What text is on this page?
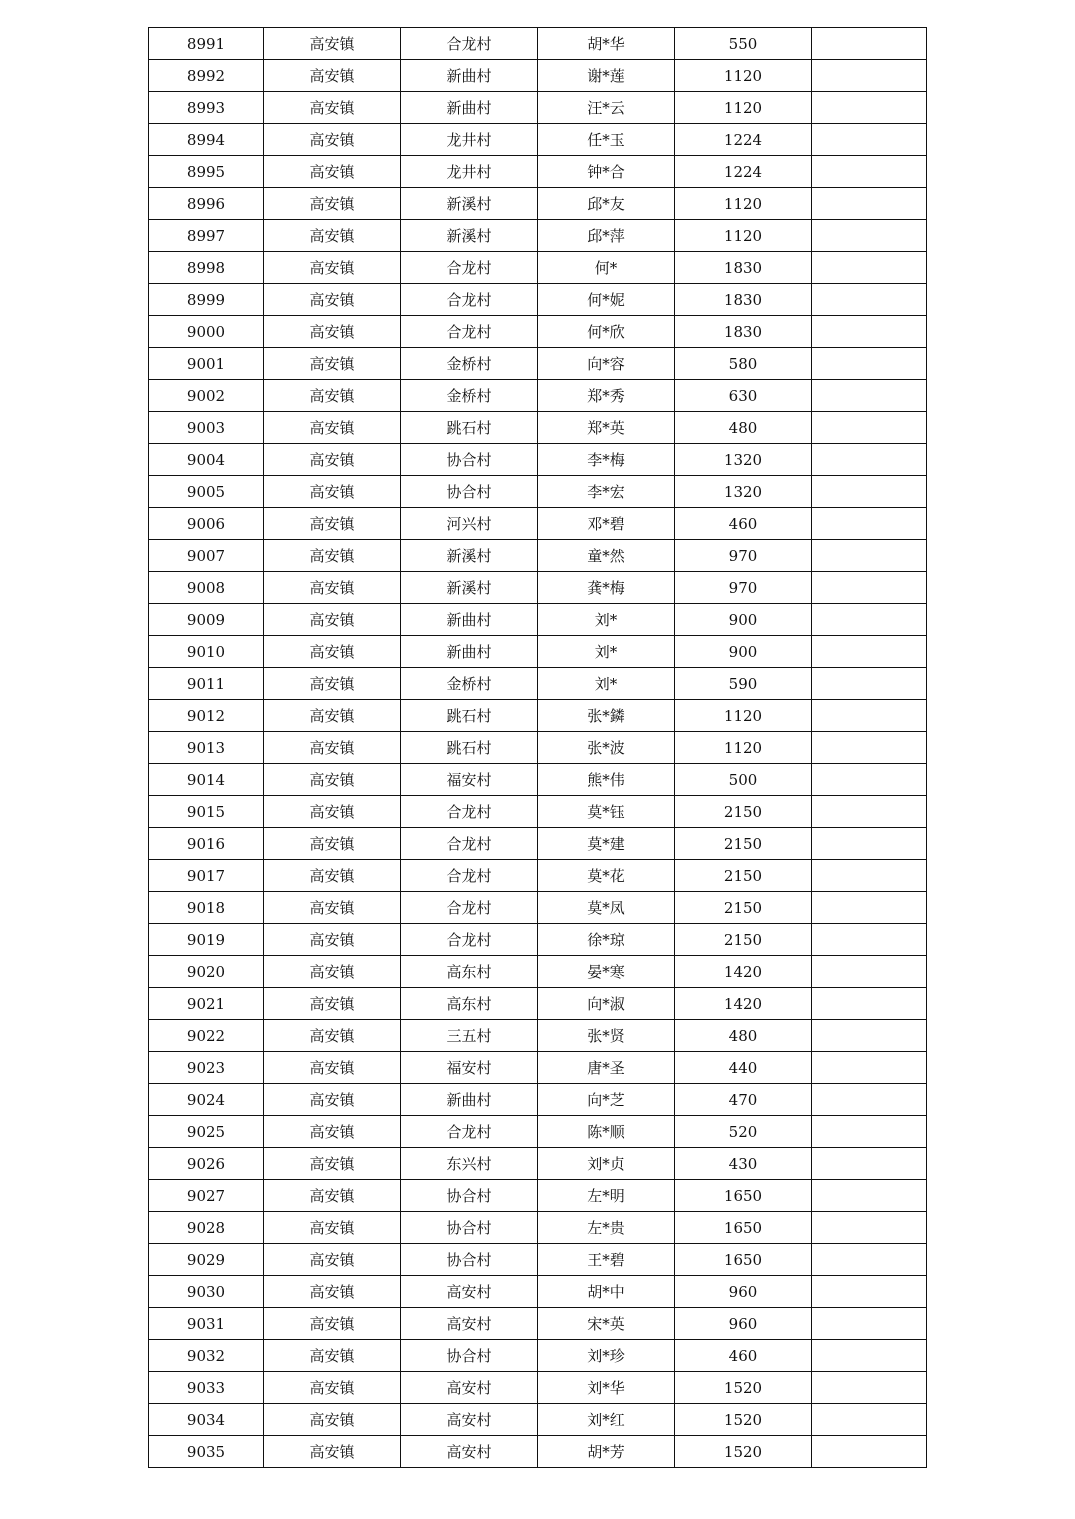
8991	高安镇	合龙村	胡*华	550	
8992	高安镇	新曲村	谢*莲	1120	
8993	高安镇	新曲村	汪*云	1120	
8994	高安镇	龙井村	任*玉	1224	
8995	高安镇	龙井村	钟*合	1224	
8996	高安镇	新溪村	邱*友	1120	
8997	高安镇	新溪村	邱*萍	1120	
8998	高安镇	合龙村	何*	1830	
8999	高安镇	合龙村	何*妮	1830	
9000	高安镇	合龙村	何*欣	1830	
9001	高安镇	金桥村	向*容	580	
9002	高安镇	金桥村	郑*秀	630	
9003	高安镇	跳石村	郑*英	480	
9004	高安镇	协合村	李*梅	1320	
9005	高安镇	协合村	李*宏	1320	
9006	高安镇	河兴村	邓*碧	460	
9007	高安镇	新溪村	童*然	970	
9008	高安镇	新溪村	龚*梅	970	
9009	高安镇	新曲村	刘*	900	
9010	高安镇	新曲村	刘*	900	
9011	高安镇	金桥村	刘*	590	
9012	高安镇	跳石村	张*鏻	1120	
9013	高安镇	跳石村	张*波	1120	
9014	高安镇	福安村	熊*伟	500	
9015	高安镇	合龙村	莫*钰	2150	
9016	高安镇	合龙村	莫*建	2150	
9017	高安镇	合龙村	莫*花	2150	
9018	高安镇	合龙村	莫*凤	2150	
9019	高安镇	合龙村	徐*琼	2150	
9020	高安镇	高东村	晏*寒	1420	
9021	高安镇	高东村	向*淑	1420	
9022	高安镇	三五村	张*贤	480	
9023	高安镇	福安村	唐*圣	440	
9024	高安镇	新曲村	向*芝	470	
9025	高安镇	合龙村	陈*顺	520	
9026	高安镇	东兴村	刘*贞	430	
9027	高安镇	协合村	左*明	1650	
9028	高安镇	协合村	左*贵	1650	
9029	高安镇	协合村	王*碧	1650	
9030	高安镇	高安村	胡*中	960	
9031	高安镇	高安村	宋*英	960	
9032	高安镇	协合村	刘*珍	460	
9033	高安镇	高安村	刘*华	1520	
9034	高安镇	高安村	刘*红	1520	
9035	高安镇	高安村	胡*芳	1520	
